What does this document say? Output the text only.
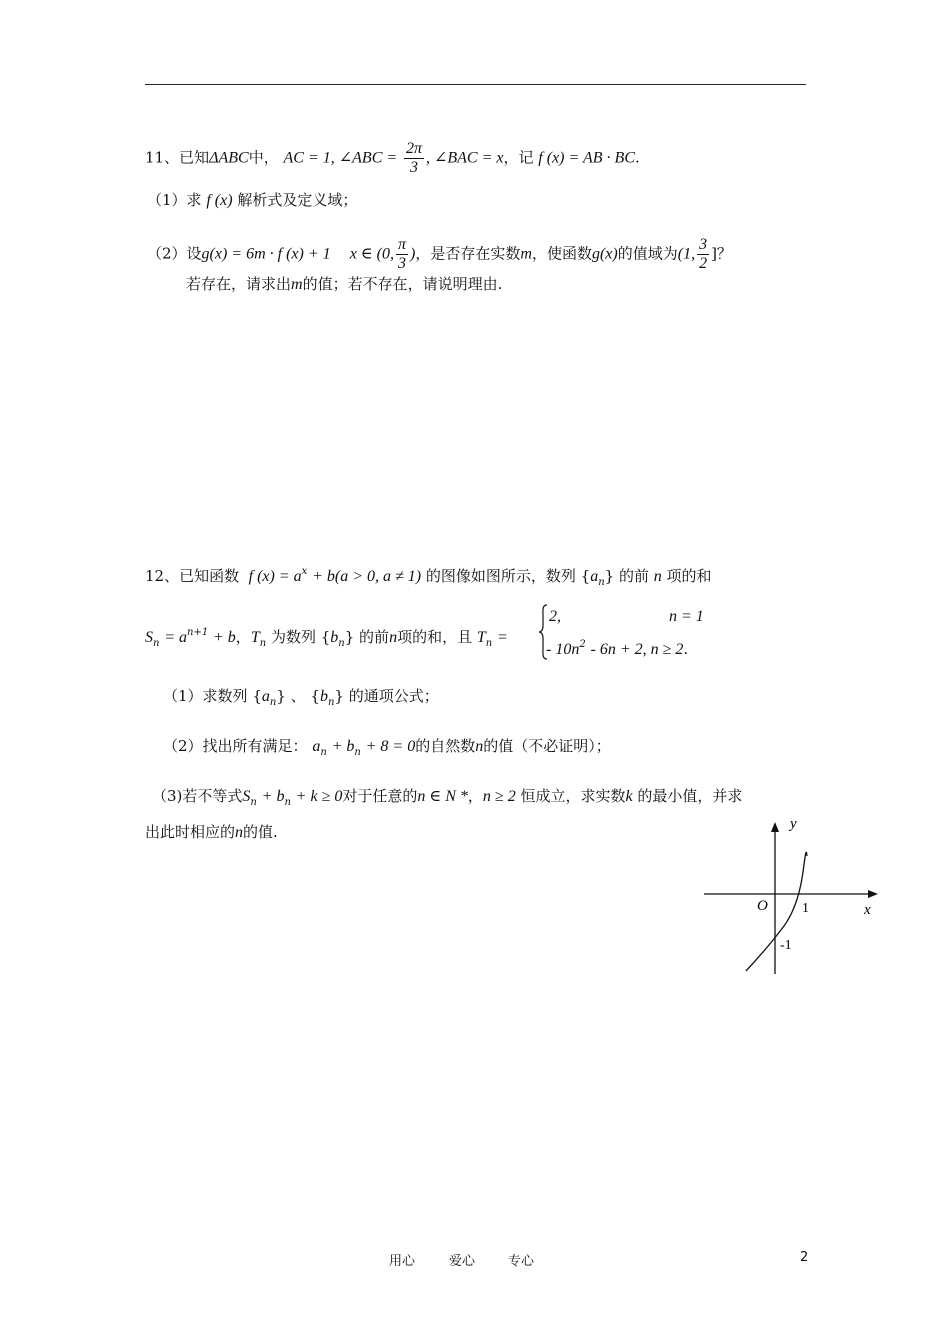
11、已知ΔABC中， AC = 1, ∠ABC = $\frac{2\pi}{3}$ , ∠BAC = x，记 f (x) = AB · BC.
（1）求 f (x) 解析式及定义域；
（2）设g(x) = 6m · f (x) + 1 x ∈ (0, $\frac{\pi}{3}$ )，是否存在实数m，使函数g(x)的值域为(1, $\frac{3}{2}$ ]？
若存在，请求出m的值；若不存在，请说明理由.
12、已知函数 f $(x) = a^x + b(a > 0$, a ≠ 1) 的图像如图所示，数列 $\{a_n\}$ 的前 n 项的和
$S_n = a^{n+1} + b$，$T_n$ 为数列 $\{b_n\}$ 的前n项的和，且 $T_n$ =
2,	n = 1
- $10n^2 - 6n + 2$, n ≥ 2.
（1）求数列 $\{a_n\}$ 、 $\{b_n\}$ 的通项公式；
（2）找出所有满足： $a_n + b_n + 8 = 0$的自然数n的值（不必证明）；
（3)若不等式$S_n + b_n + k \ge 0$对于任意的n ∈ N *，n ≥ 2 恒成立，求实数k 的最小值，并求
出此时相应的n的值.	y
x
O 1
-1
用心	爱心	专心	2
